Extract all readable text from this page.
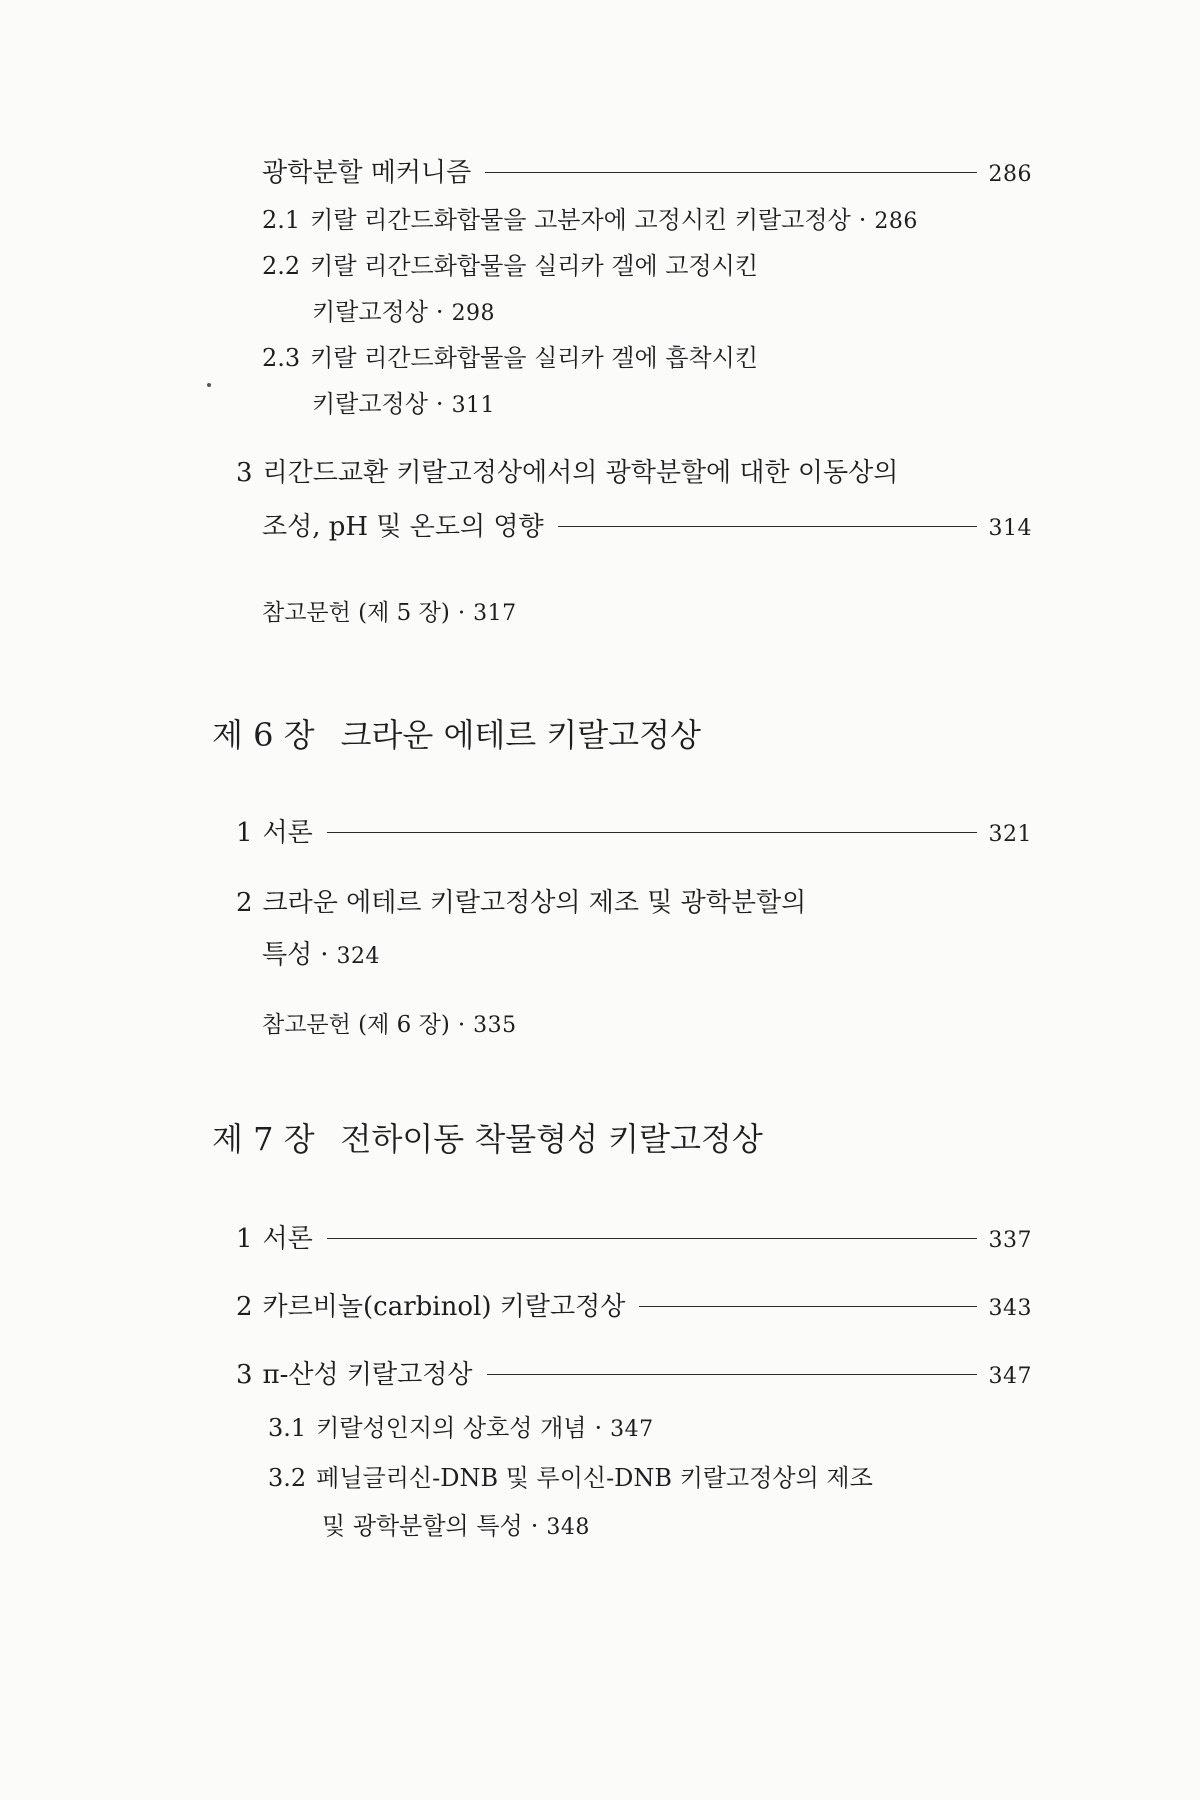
광학분할 메커니즘	286
2.1 키랄 리간드화합물을 고분자에 고정시킨 키랄고정상 · 286
2.2 키랄 리간드화합물을 실리카 겔에 고정시킨
키랄고정상 · 298
2.3 키랄 리간드화합물을 실리카 겔에 흡착시킨
키랄고정상 · 311
3 리간드교환 키랄고정상에서의 광학분할에 대한 이동상의
조성, pH 및 온도의 영향	314
참고문헌 (제 5 장) · 317
제 6 장 크라운 에테르 키랄고정상
1 서론	321
2 크라운 에테르 키랄고정상의 제조 및 광학분할의
특성 · 324
참고문헌 (제 6 장) · 335
제 7 장 전하이동 착물형성 키랄고정상
1 서론	337
2 카르비놀(carbinol) 키랄고정상	343
3 π-산성 키랄고정상	347
3.1 키랄성인지의 상호성 개념 · 347
3.2 페닐글리신-DNB 및 루이신-DNB 키랄고정상의 제조
및 광학분할의 특성 · 348
